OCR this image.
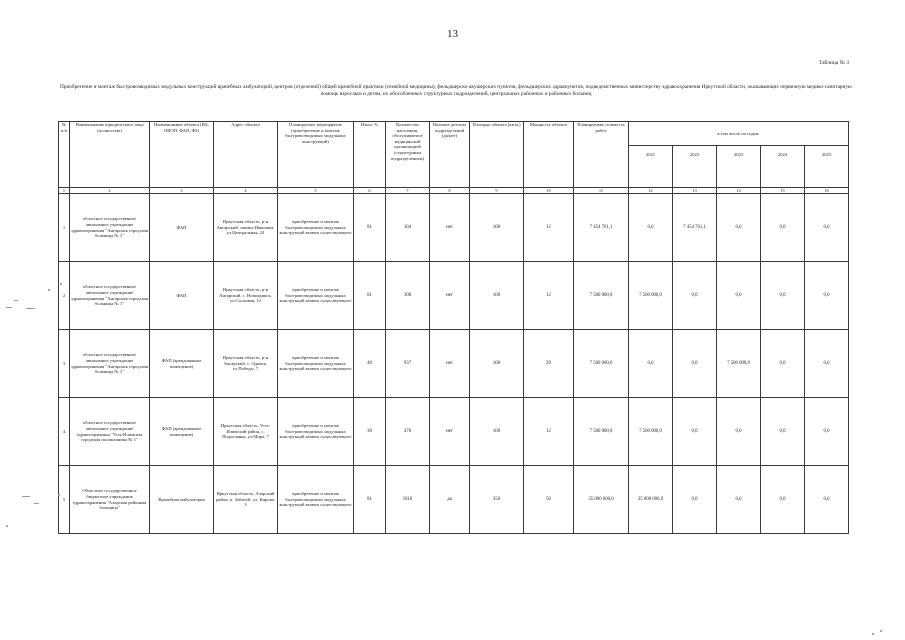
13
Таблица № 3
Приобретение и монтаж быстровозводимых модульных конструкций врачебных амбулаторий, центров (отделений) общей врачебной практики (семейной медицины), фельдшерско-акушерских пунктов, фельдшерских здравпунктов, подведомственных министерству здравоохранения Иркутской области, оказывающих первичную медико-санитарную помощь взрослым и детям, их обособленных структурных подразделений, центральных районных и районных больниц
№ п/п	Наименование юридического лица (полностью)	Наименование объекта (ВА, ОВОП, ФАП, ФЗ)	Адрес объекта	Планируемое мероприятие (приобретение и монтаж быстровозводимых модульных конструкций)	Износ %	Количество населения, обслуживаемое медицинской организацией (структурным подразделением)	Наличие детских подразделений (да/нет)	Площадь объекта (кв.м.)	Мощность объекта	Планируемая стоимость работ	в том числе по годам:				
											2021	2022	2023	2024	2025
1	2	3	4	5	6	7	8	9	10	11	12	13	14	15	16
1	областное государственное автономное учреждение здравоохранения "Ангарская городская больница № 1"	ФАП	Иркутская область, р-н Ангарский, заимка Ивановка, ул.Центральная, 24	приобретение и монтаж быстровозводимых модульных конструкций взамен существующего	81	104	нет	100	12	7 454 761,1	0,0	7 454 761,1	0,0	0,0	0,0
2	областное государственное автономное учреждение здравоохранения "Ангарская городская больница № 1"	ФАП	Иркутская область, р-н Ангарский, с. Новоодинск, ул.Сосновая, 12	приобретение и монтаж быстровозводимых модульных конструкций взамен существующего	81	108	нет	100	12	7 500 000,0	7 500 000,0	0,0	0,0	0,0	0,0
3	областное государственное автономное учреждение здравоохранения "Ангарская городская больница № 1"	ФАП (арендованное помещение)	Иркутская область, р-н Ангарский, с. Одинск, ул.Победы, 7	приобретение и монтаж быстровозводимых модульных конструкций взамен существующего	40	937	нет	100	20	7 500 000,0	0,0	0,0	7 500 000,0	0,0	0,0
4	областное государственное автономное учреждение здравоохранения "Усть-Илимская городская поликлиника № 1"	ФАП (арендованное помещение)	Иркутская область, Усть-Илимский район, с. Подъеланка, ул.Мира, 7	приобретение и монтаж быстровозводимых модульных конструкций взамен существующего	30	470	нет	100	12	7 500 000,0	7 500 000,0	0,0	0,0	0,0	0,0
5	Областное государственное бюджетное учреждение здравоохранения "Аларская районная больница"	Врачебная амбулатория	Иркутская область, Аларский район, п. Забитуй, ул. Кирова, 3	приобретение и монтаж быстровозводимых модульных конструкций взамен существующего	81	1818	да	350	50	35 000 000,0	35 000 000,0	0,0	0,0	0,0	0,0
